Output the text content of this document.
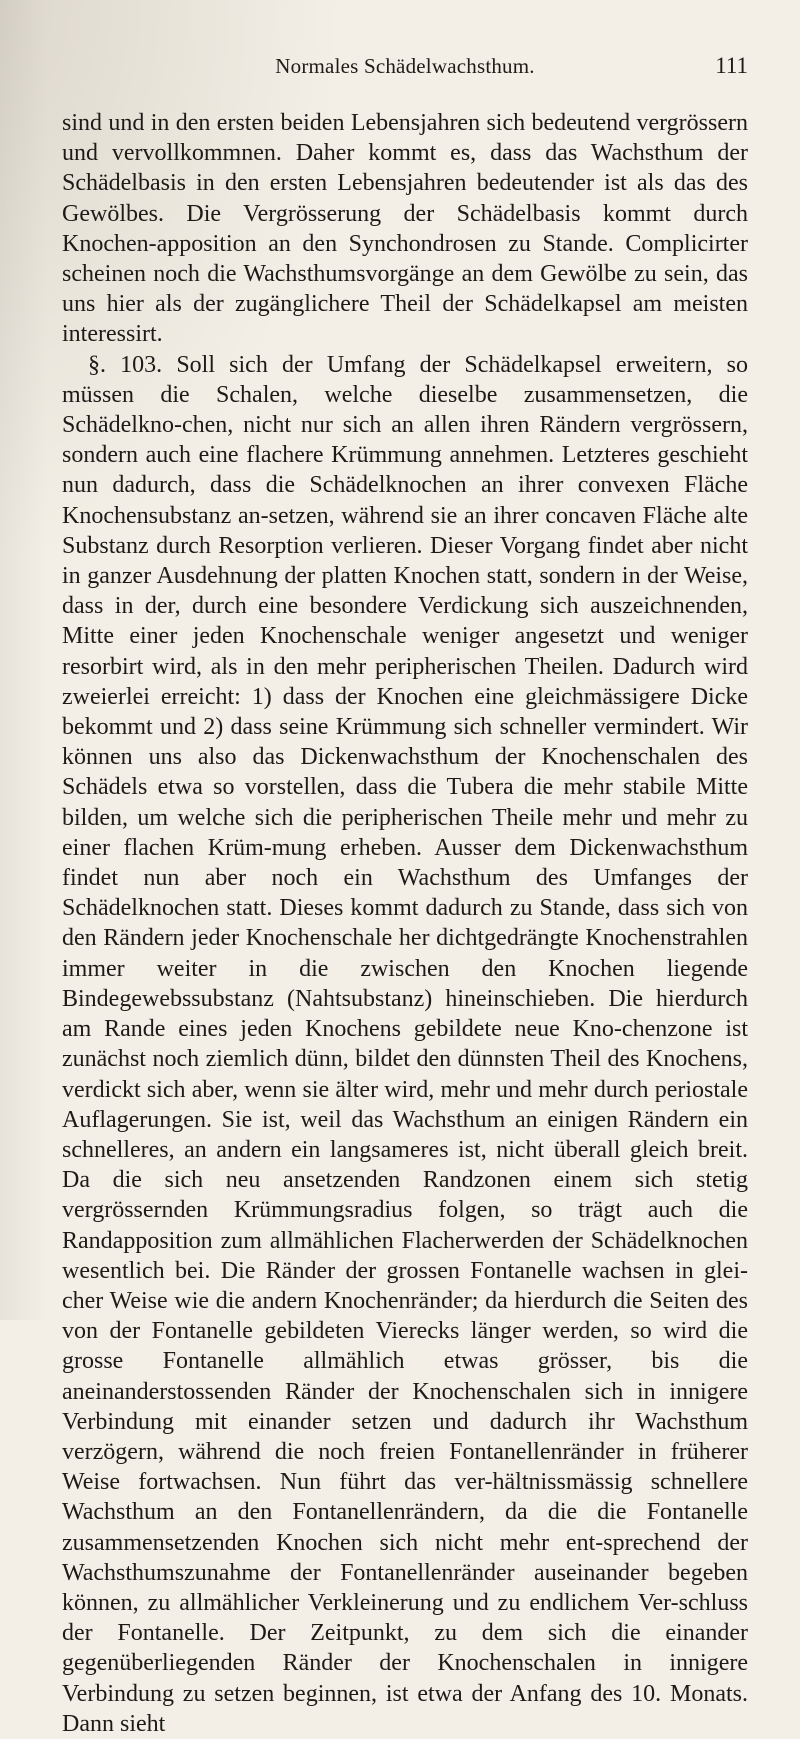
Normales Schädelwachsthum.	111

sind und in den ersten beiden Lebensjahren sich bedeutend vergrössern und vervollkommnen. Daher kommt es, dass das Wachsthum der Schädelbasis in den ersten Lebensjahren bedeutender ist als das des Gewölbes. Die Vergrösserung der Schädelbasis kommt durch Knochen-apposition an den Synchondrosen zu Stande. Complicirter scheinen noch die Wachsthumsvorgänge an dem Gewölbe zu sein, das uns hier als der zugänglichere Theil der Schädelkapsel am meisten interessirt.

§. 103. Soll sich der Umfang der Schädelkapsel erweitern, so müssen die Schalen, welche dieselbe zusammensetzen, die Schädelkno-chen, nicht nur sich an allen ihren Rändern vergrössern, sondern auch eine flachere Krümmung annehmen. Letzteres geschieht nun dadurch, dass die Schädelknochen an ihrer convexen Fläche Knochensubstanz an-setzen, während sie an ihrer concaven Fläche alte Substanz durch Resorption verlieren. Dieser Vorgang findet aber nicht in ganzer Ausdehnung der platten Knochen statt, sondern in der Weise, dass in der, durch eine besondere Verdickung sich auszeichnenden, Mitte einer jeden Knochenschale weniger angesetzt und weniger resorbirt wird, als in den mehr peripherischen Theilen. Dadurch wird zweierlei erreicht: 1) dass der Knochen eine gleichmässigere Dicke bekommt und 2) dass seine Krümmung sich schneller vermindert. Wir können uns also das Dickenwachsthum der Knochenschalen des Schädels etwa so vorstellen, dass die Tubera die mehr stabile Mitte bilden, um welche sich die peripherischen Theile mehr und mehr zu einer flachen Krüm-mung erheben. Ausser dem Dickenwachsthum findet nun aber noch ein Wachsthum des Umfanges der Schädelknochen statt. Dieses kommt dadurch zu Stande, dass sich von den Rändern jeder Knochenschale her dichtgedrängte Knochenstrahlen immer weiter in die zwischen den Knochen liegende Bindegewebssubstanz (Nahtsubstanz) hineinschieben. Die hierdurch am Rande eines jeden Knochens gebildete neue Kno-chenzone ist zunächst noch ziemlich dünn, bildet den dünnsten Theil des Knochens, verdickt sich aber, wenn sie älter wird, mehr und mehr durch periostale Auflagerungen. Sie ist, weil das Wachsthum an einigen Rändern ein schnelleres, an andern ein langsameres ist, nicht überall gleich breit. Da die sich neu ansetzenden Randzonen einem sich stetig vergrössernden Krümmungsradius folgen, so trägt auch die Randapposition zum allmählichen Flacherwerden der Schädelknochen wesentlich bei. Die Ränder der grossen Fontanelle wachsen in glei-cher Weise wie die andern Knochenränder; da hierdurch die Seiten des von der Fontanelle gebildeten Vierecks länger werden, so wird die grosse Fontanelle allmählich etwas grösser, bis die aneinanderstossenden Ränder der Knochenschalen sich in innigere Verbindung mit einander setzen und dadurch ihr Wachsthum verzögern, während die noch freien Fontanellenränder in früherer Weise fortwachsen. Nun führt das ver-hältnissmässig schnellere Wachsthum an den Fontanellenrändern, da die die Fontanelle zusammensetzenden Knochen sich nicht mehr ent-sprechend der Wachsthumszunahme der Fontanellenränder auseinander begeben können, zu allmählicher Verkleinerung und zu endlichem Ver-schluss der Fontanelle. Der Zeitpunkt, zu dem sich die einander gegenüberliegenden Ränder der Knochenschalen in innigere Verbindung zu setzen beginnen, ist etwa der Anfang des 10. Monats. Dann sieht
